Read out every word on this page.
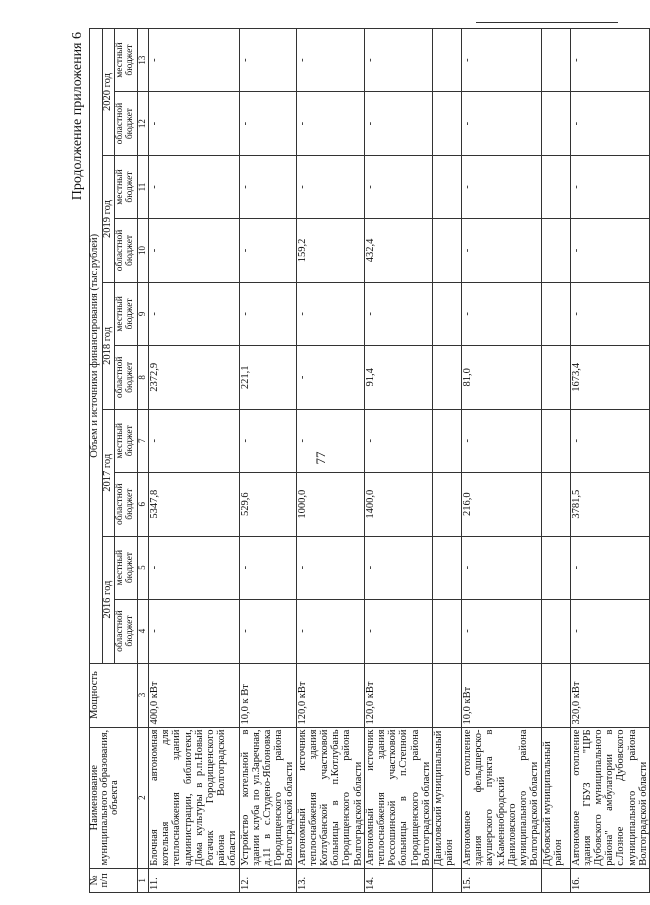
77
Продолжение приложения 6
№ п/п	Наименование муниципального образования, объекта	Мощность	Объем и источники финансирования (тыс.рублей)									
			2016 год		2017 год		2018 год		2019 год		2020 год	
			областной бюджет	местный бюджет	областной бюджет	местный бюджет	областной бюджет	местный бюджет	областной бюджет	местный бюджет	областной бюджет	местный бюджет
1	2	3	4	5	6	7	8	9	10	11	12	13
11.	Блочная автономная котельная для теплоснабжения зданий администрации, библиотеки, Дома культуры в р.п.Новый Рогачик Городищенского района Волгоградской области	400,0 кВт	-	-	5347,8	-	2372,9	-	-	-	-	-
12.	Устройство котельной в здании клуба по ул.Заречная, д.11 в с.Студено-Яблоновка Городищенского района Волгоградской области	10,0 к Вт	-	-	529,6	-	221,1	-	-	-	-	-
13.	Автономный источник теплоснабжения здания Котлубанской участковой больницы в п.Котлубань Городищенского района Волгоградской области	120,0 кВт	-	-	1000,0	-	-	-	159,2	-	-	-
14.	Автономный источник теплоснабжения здания Россошинской участковой больницы в п.Степной Городищенского района Волгоградской области	120,0 кВт	-	-	1400,0	-	91,4	-	432,4	-	-	-
	Даниловский муниципальный район											
15.	Автономное отопление здания фельдшерско-акушерского пункта в х.Каменнобродский Даниловского муниципального района Волгоградской области	10,0 кВт	-	-	216,0	-	81,0	-	-	-	-	-
	Дубовский муниципальный район											
16.	Автономное отопление здания ГБУЗ "ЦРБ Дубовского муниципального района" амбулатории в с.Лозное Дубовского муниципального района Волгоградской области	320,0 кВт	-	-	3781,5	-	1673,4	-	-	-	-	-
